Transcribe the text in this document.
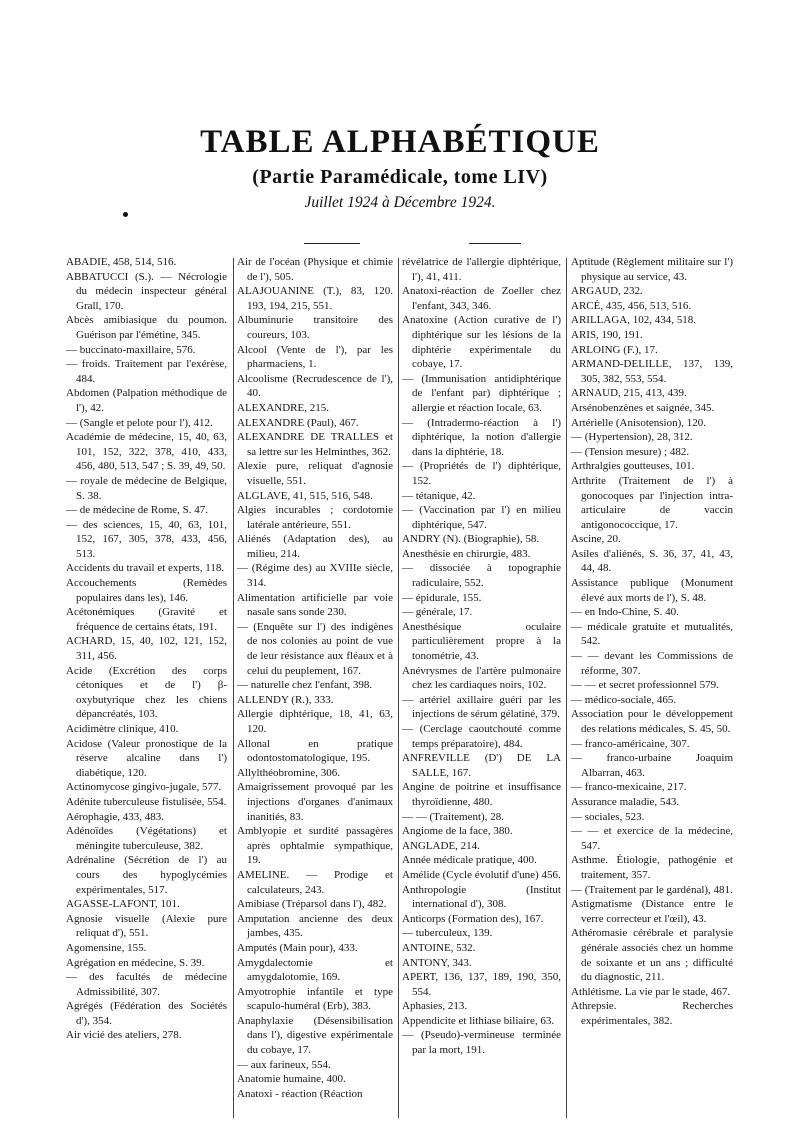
TABLE ALPHABÉTIQUE
(Partie Paramédicale, tome LIV)
Juillet 1924 à Décembre 1924.

ABADIE, 458, 514, 516.

ABBATUCCI (S.). — Nécrologie du médecin inspecteur général Grall, 170.

Abcès amibiasique du poumon. Guérison par l'émétine, 345.

— buccinato-maxillaire, 576.

— froids. Traitement par l'exérèse, 484.

Abdomen (Palpation méthodique de l'), 42.

— (Sangle et pelote pour l'), 412.

Académie de médecine, 15, 40, 63, 101, 152, 322, 378, 410, 433, 456, 480, 513, 547 ; S. 39, 49, 50.

— royale de médecine de Belgique, S. 38.

— de médecine de Rome, S. 47.

— des sciences, 15, 40, 63, 101, 152, 167, 305, 378, 433, 456, 513.

Accidents du travail et experts, 118.

Accouchements (Remèdes populaires dans les), 146.

Acétonémiques (Gravité et fréquence de certains états, 191.

ACHARD, 15, 40, 102, 121, 152, 311, 456.

Acide (Excrétion des corps cétoniques et de l') β-oxybutyrique chez les chiens dépancréatés, 103.

Acidimètre clinique, 410.

Acidose (Valeur pronostique de la réserve alcaline dans l') diabétique, 120.

Actinomycose gingivo-jugale, 577.

Adénite tuberculeuse fistulisée, 554.

Aérophagie, 433, 483.

Adénoïdes (Végétations) et méningite tuberculeuse, 382.

Adrénaline (Sécrétion de l') au cours des hypoglycémies expérimentales, 517.

AGASSE-LAFONT, 101.

Agnosie visuelle (Alexie pure reliquat d'), 551.

Agomensine, 155.

Agrégation en médecine, S. 39.

— des facultés de médecine Admissibilité, 307.

Agrégés (Fédération des Sociétés d'), 354.

Air vicié des ateliers, 278.

Air de l'océan (Physique et chimie de l'), 505.

ALAJOUANINE (T.), 83, 120. 193, 194, 215, 551.

Albuminurie transitoire des coureurs, 103.

Alcool (Vente de l'), par les pharmaciens, 1.

Alcoolisme (Recrudescence de l'), 40.

ALEXANDRE, 215.

ALEXANDRE (Paul), 467.

ALEXANDRE DE TRALLES et sa lettre sur les Helminthes, 362.

Alexie pure, reliquat d'agnosie visuelle, 551.

ALGLAVE, 41, 515, 516, 548.

Algies incurables ; cordotomie latérale antérieure, 551.

Aliénés (Adaptation des), au milieu, 214.

— (Régime des) au XVIIIe siècle, 314.

Alimentation artificielle par voie nasale sans sonde 230.

— (Enquête sur l') des indigènes de nos colonies au point de vue de leur résistance aux fléaux et à celui du peuplement, 167.

— naturelle chez l'enfant, 398.

ALLENDY (R.), 333.

Allergie diphtérique, 18, 41, 63, 120.

Allonal en pratique odontostomatologique, 195.

Allylthéobromine, 306.

Amaigrissement provoqué par les injections d'organes d'animaux inanitiés, 83.

Amblyopie et surdité passagères après ophtalmie sympathique, 19.

AMELINE. — Prodige et calculateurs, 243.

Amibiase (Tréparsol dans l'), 482.

Amputation ancienne des deux jambes, 435.

Amputés (Main pour), 433.

Amygdalectomie et amygdalotomie, 169.

Amyotrophie infantile et type scapulo-huméral (Erb), 383.

Anaphylaxie (Désensibilisation dans l'), digestive expérimentale du cobaye, 17.

— aux farineux, 554.

Anatomie humaine, 400.

Anatoxi - réaction (Réaction

révélatrice de l'allergie diphtérique, l'), 41, 411.

Anatoxi-réaction de Zoeller chez l'enfant, 343, 346.

Anatoxine (Action curative de l') diphtérique sur les lésions de la diphtérie expérimentale du cobaye, 17.

— (Immunisation antidiphtérique de l'enfant par) diphtérique ; allergie et réaction locale, 63.

— (Intradermo-réaction à l') diphtérique, la notion d'allergie dans la diphtérie, 18.

— (Propriétés de l') diphtérique, 152.

— tétanique, 42.

— (Vaccination par l') en milieu diphtérique, 547.

ANDRY (N). (Biographie), 58.

Anesthésie en chirurgie, 483.

— dissociée à topographie radiculaire, 552.

— épidurale, 155.

— générale, 17.

Anesthésique oculaire particulièrement propre à la tonométrie, 43.

Anévrysmes de l'artère pulmonaire chez les cardiaques noirs, 102.

— artériel axillaire guéri par les injections de sérum gélatiné, 379.

— (Cerclage caoutchouté comme temps préparatoire), 484.

ANFREVILLE (D') DE LA SALLE, 167.

Angine de poitrine et insuffisance thyroïdienne, 480.

— — (Traitement), 28.

Angiome de la face, 380.

ANGLADE, 214.

Année médicale pratique, 400.

Amélide (Cycle évolutif d'une) 456.

Anthropologie (Institut international d'), 308.

Anticorps (Formation des), 167.

— tuberculeux, 139.

ANTOINE, 532.

ANTONY, 343.

APERT, 136, 137, 189, 190, 350, 554.

Aphasies, 213.

Appendicite et lithiase biliaire, 63.

— (Pseudo)-vermineuse terminée par la mort, 191.

Aptitude (Règlement militaire sur l') physique au service, 43.

ARGAUD, 232.

ARCÉ, 435, 456, 513, 516.

ARILLAGA, 102, 434, 518.

ARIS, 190, 191.

ARLOING (F.), 17.

ARMAND-DELILLE, 137, 139, 305, 382, 553, 554.

ARNAUD, 215, 413, 439.

Arsénobenzènes et saignée, 345.

Artérielle (Anisotension), 120.

— (Hypertension), 28, 312.

— (Tension mesure) ; 482.

Arthralgies goutteuses, 101.

Arthrite (Traitement de l') à gonocoques par l'injection intra-articulaire de vaccin antigonococcique, 17.

Ascine, 20.

Asiles d'aliénés, S. 36, 37, 41, 43, 44, 48.

Assistance publique (Monument élevé aux morts de l'), S. 48.

— en Indo-Chine, S. 40.

— médicale gratuite et mutualités, 542.

— — devant les Commissions de réforme, 307.

— — et secret professionnel 579.

— médico-sociale, 465.

Association pour le développement des relations médicales, S. 45, 50.

— franco-américaine, 307.

— franco-urbaine Joaquim Albarran, 463.

— franco-mexicaine, 217.

Assurance maladie, 543.

— sociales, 523.

— — et exercice de la médecine, 547.

Asthme. Étiologie, pathogénie et traitement, 357.

— (Traitement par le gardénal), 481.

Astigmatisme (Distance entre le verre correcteur et l'œil), 43.

Athéromasie cérébrale et paralysie générale associés chez un homme de soixante et un ans ; difficulté du diagnostic, 211.

Athlétisme. La vie par le stade, 467.

Athrepsie. Recherches expérimentales, 382.
